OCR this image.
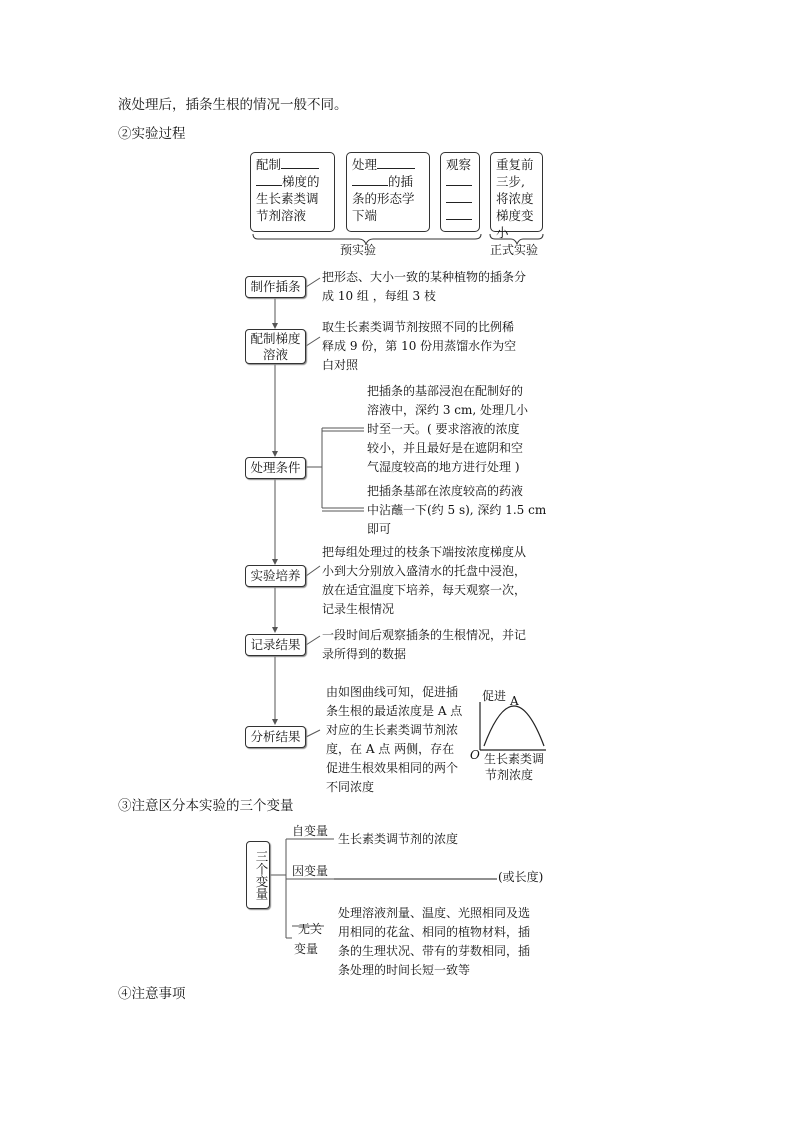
液处理后，插条生根的情况一般不同。
②实验过程
配制
梯度的
生长素类调节剂溶液
处理
的插
条的形态学下端
观察	重复前三步,将浓度梯度变小
预实验	正式实验
制作插条
把形态、大小一致的某种植物的插条分
成 10 组 ，每组 3 枝
配制梯度溶液
取生长素类调节剂按照不同的比例稀
释成 9 份，第 10 份用蒸馏水作为空
白对照
处理条件
把插条的基部浸泡在配制好的
溶液中，深约 3 cm, 处理几小
时至一天。( 要求溶液的浓度
较小，并且最好是在遮阴和空
气湿度较高的地方进行处理 )
把插条基部在浓度较高的药液
中沾蘸一下(约 5 s), 深约 1.5 cm
即可
实验培养
把每组处理过的枝条下端按浓度梯度从
小到大分别放入盛清水的托盘中浸泡，
放在适宜温度下培养，每天观察一次，
记录生根情况
记录结果
一段时间后观察插条的生根情况，并记
录所得到的数据
分析结果
由如图曲线可知，促进插
条生根的最适浓度是 A 点
对应的生长素类调节剂浓
度，在 A 点 两侧，存在
促进生根效果相同的两个
不同浓度
促进 A
O 生长素类调
节剂浓度
③注意区分本实验的三个变量
三个变量
自变量
生长素类调节剂的浓度
因变量	(或长度)
无关
变量
处理溶液剂量、温度、光照相同及选
用相同的花盆、相同的植物材料，插
条的生理状况、带有的芽数相同，插
条处理的时间长短一致等
④注意事项
